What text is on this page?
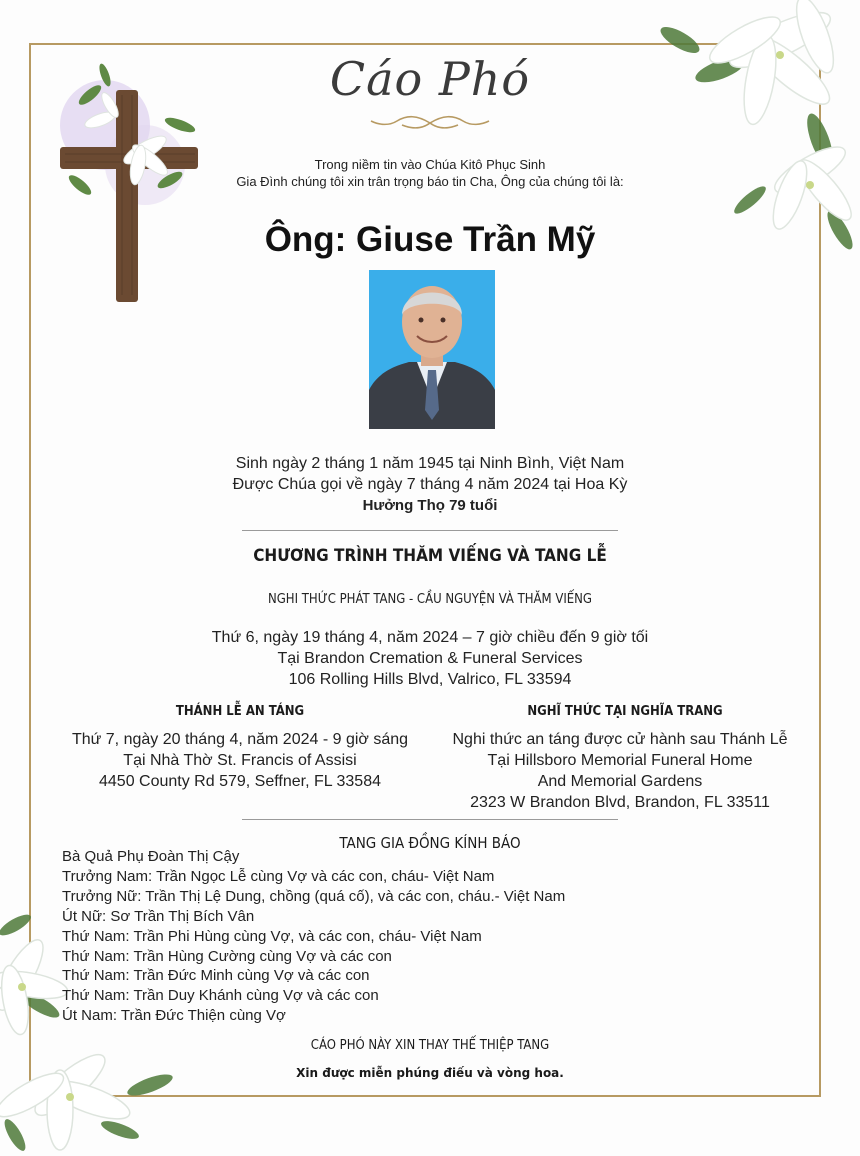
Cáo Phó
Trong niềm tin vào Chúa Kitô Phục Sinh
Gia Đình chúng tôi xin trân trọng báo tin Cha, Ông của chúng tôi là:
Ông: Giuse Trần Mỹ
Sinh ngày 2 tháng 1 năm 1945 tại Ninh Bình, Việt Nam
Được Chúa gọi về ngày 7 tháng 4 năm 2024 tại Hoa Kỳ
Hưởng Thọ 79 tuổi
CHƯƠNG TRÌNH THĂM VIẾNG VÀ TANG LỄ
NGHI THỨC PHÁT TANG - CẦU NGUYỆN VÀ THĂM VIẾNG
Thứ 6, ngày 19 tháng 4, năm 2024 – 7 giờ chiều đến 9 giờ tối
Tại Brandon Cremation & Funeral Services
106 Rolling Hills Blvd, Valrico, FL 33594
THÁNH LỄ AN TÁNG
Thứ 7, ngày 20 tháng 4, năm 2024 - 9 giờ sáng
Tại Nhà Thờ St. Francis of Assisi
4450 County Rd 579, Seffner, FL 33584
NGHĨ THỨC TẠI NGHĨA TRANG
Nghi thức an táng được cử hành sau Thánh Lễ
Tại Hillsboro Memorial Funeral Home
And Memorial Gardens
2323 W Brandon Blvd, Brandon, FL 33511
TANG GIA ĐỒNG KÍNH BÁO
Bà Quả Phụ Đoàn Thị Cậy
Trưởng Nam: Trần Ngọc Lễ cùng Vợ và các con, cháu- Việt Nam
Trưởng Nữ: Trần Thị Lệ Dung, chồng (quá cố), và các con, cháu.- Việt Nam
Út Nữ: Sơ Trần Thị Bích Vân
Thứ Nam: Trần Phi Hùng cùng Vợ, và các con, cháu- Việt Nam
Thứ Nam: Trần Hùng Cường cùng Vợ và các con
Thứ Nam: Trần Đức Minh cùng Vợ và các con
Thứ Nam: Trần Duy Khánh cùng Vợ và các con
Út Nam: Trần Đức Thiện cùng Vợ
CÁO PHÓ NÀY XIN THAY THẾ THIỆP TANG
Xin được miễn phúng điếu và vòng hoa.
